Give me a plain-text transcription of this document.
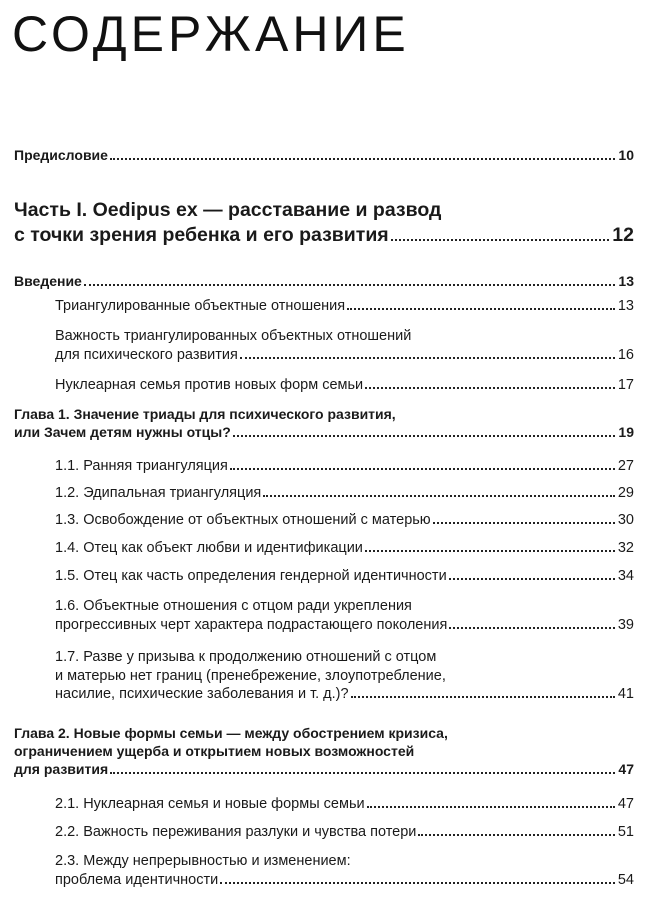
СОДЕРЖАНИЕ
Предисловие	10
Часть I. Oedipus ex — расставание и развод
с точки зрения ребенка и его развития	12
Введение	13
Триангулированные объектные отношения	13
Важность триангулированных объектных отношений
для психического развития	16
Нуклеарная семья против новых форм семьи	17
Глава 1. Значение триады для психического развития,
или Зачем детям нужны отцы?	19
1.1. Ранняя триангуляция	27
1.2. Эдипальная триангуляция	29
1.3. Освобождение от объектных отношений с матерью	30
1.4. Отец как объект любви и идентификации	32
1.5. Отец как часть определения гендерной идентичности	34
1.6. Объектные отношения с отцом ради укрепления
прогрессивных черт характера подрастающего поколения	39
1.7. Разве у призыва к продолжению отношений с отцом
и матерью нет границ (пренебрежение, злоупотребление,
насилие, психические заболевания и т. д.)?	41
Глава 2. Новые формы семьи — между обострением кризиса,
ограничением ущерба и открытием новых возможностей
для развития	47
2.1. Нуклеарная семья и новые формы семьи	47
2.2. Важность переживания разлуки и чувства потери	51
2.3. Между непрерывностью и изменением:
проблема идентичности	54
